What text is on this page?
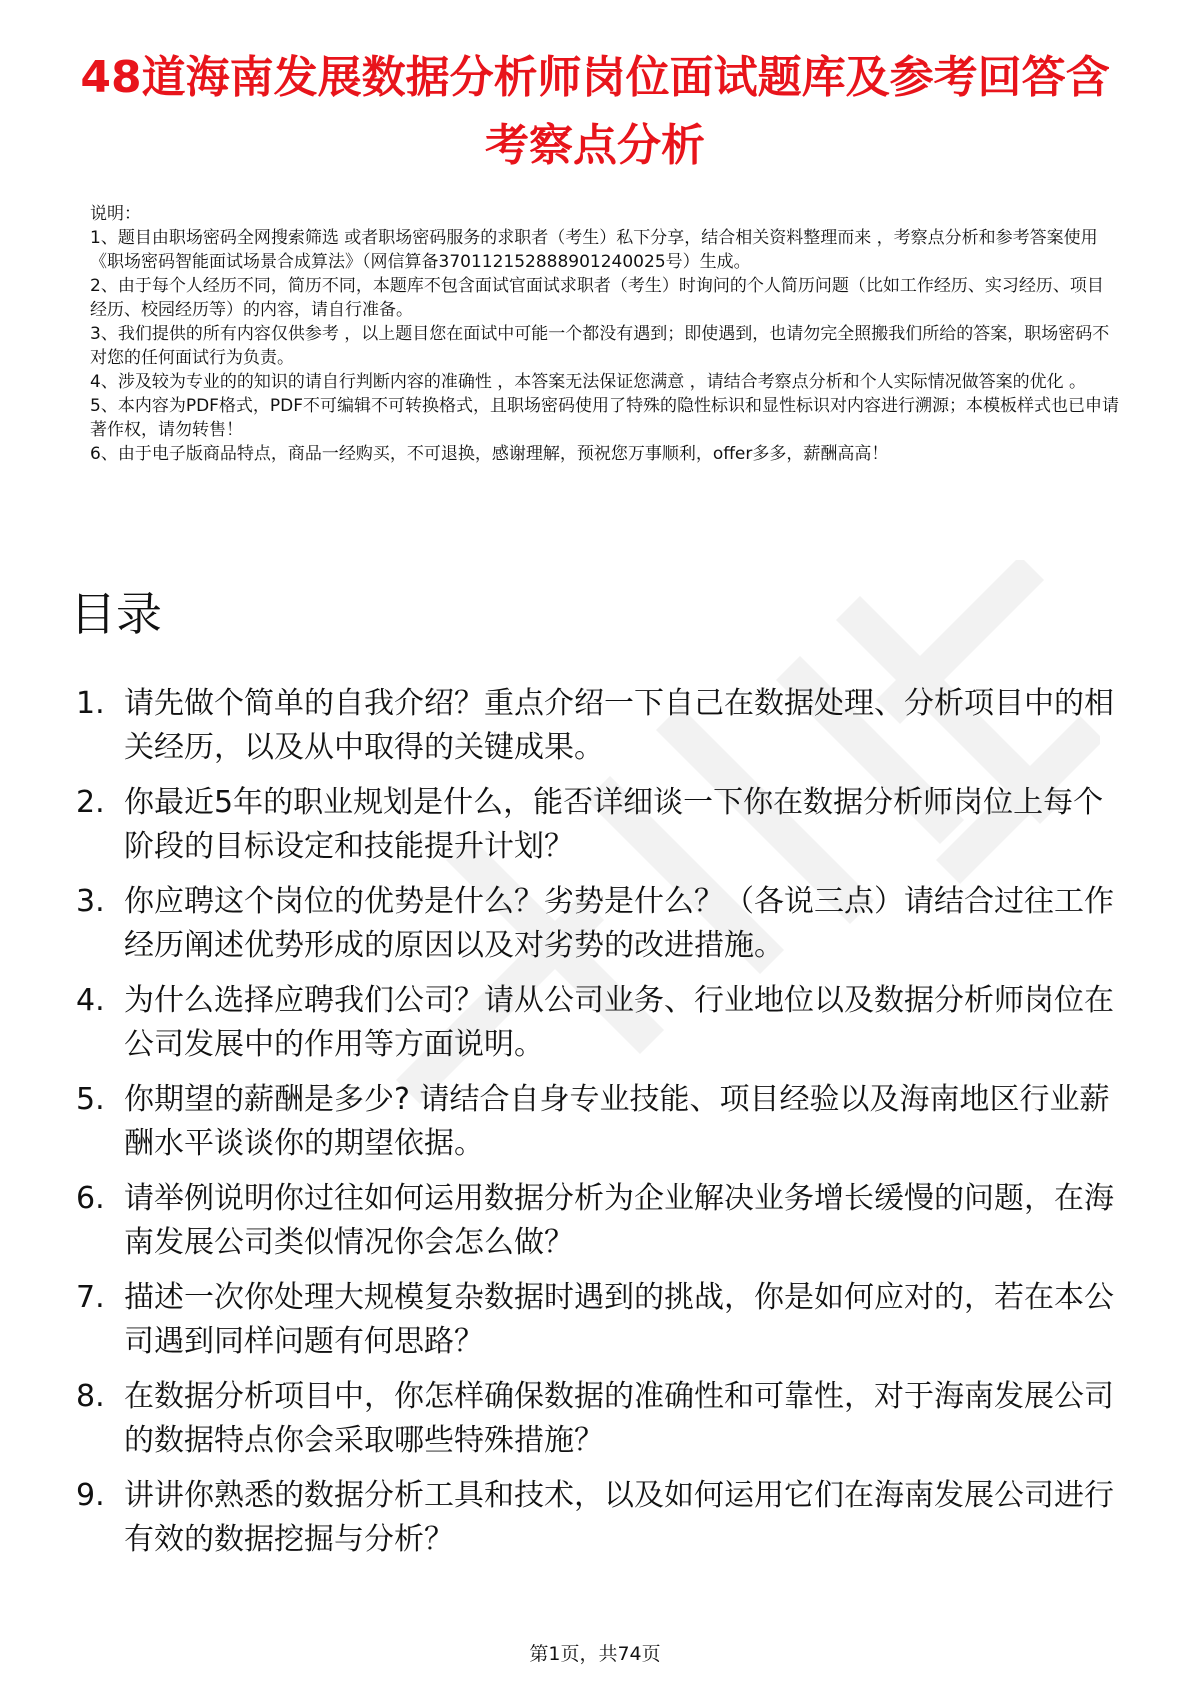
48道海南发展数据分析师岗位面试题库及参考回答含考察点分析
说明：
1、题目由职场密码全网搜索筛选 或者职场密码服务的求职者（考生）私下分享，结合相关资料整理而来 ，考察点分析和参考答案使用《职场密码智能面试场景合成算法》（网信算备370112152888901240025号）生成。
2、由于每个人经历不同，简历不同，本题库不包含面试官面试求职者（考生）时询问的个人简历问题（比如工作经历、实习经历、项目经历、校园经历等）的内容，请自行准备。
3、我们提供的所有内容仅供参考 ，以上题目您在面试中可能一个都没有遇到；即使遇到，也请勿完全照搬我们所给的答案，职场密码不对您的任何面试行为负责。
4、涉及较为专业的的知识的请自行判断内容的准确性 ，本答案无法保证您满意 ，请结合考察点分析和个人实际情况做答案的优化 。
5、本内容为PDF格式，PDF不可编辑不可转换格式，且职场密码使用了特殊的隐性标识和显性标识对内容进行溯源；本模板样式也已申请著作权，请勿转售！
6、由于电子版商品特点，商品一经购买，不可退换，感谢理解，预祝您万事顺利，offer多多，薪酬高高！
目录
1. 请先做个简单的自我介绍？重点介绍一下自己在数据处理、分析项目中的相关经历，以及从中取得的关键成果。
2. 你最近5年的职业规划是什么，能否详细谈一下你在数据分析师岗位上每个阶段的目标设定和技能提升计划？
3. 你应聘这个岗位的优势是什么？劣势是什么？（各说三点）请结合过往工作经历阐述优势形成的原因以及对劣势的改进措施。
4. 为什么选择应聘我们公司？请从公司业务、行业地位以及数据分析师岗位在公司发展中的作用等方面说明。
5. 你期望的薪酬是多少? 请结合自身专业技能、项目经验以及海南地区行业薪酬水平谈谈你的期望依据。
6. 请举例说明你过往如何运用数据分析为企业解决业务增长缓慢的问题，在海南发展公司类似情况你会怎么做？
7. 描述一次你处理大规模复杂数据时遇到的挑战，你是如何应对的，若在本公司遇到同样问题有何思路？
8. 在数据分析项目中，你怎样确保数据的准确性和可靠性，对于海南发展公司的数据特点你会采取哪些特殊措施？
9. 讲讲你熟悉的数据分析工具和技术，以及如何运用它们在海南发展公司进行有效的数据挖掘与分析？
第1页，共74页
